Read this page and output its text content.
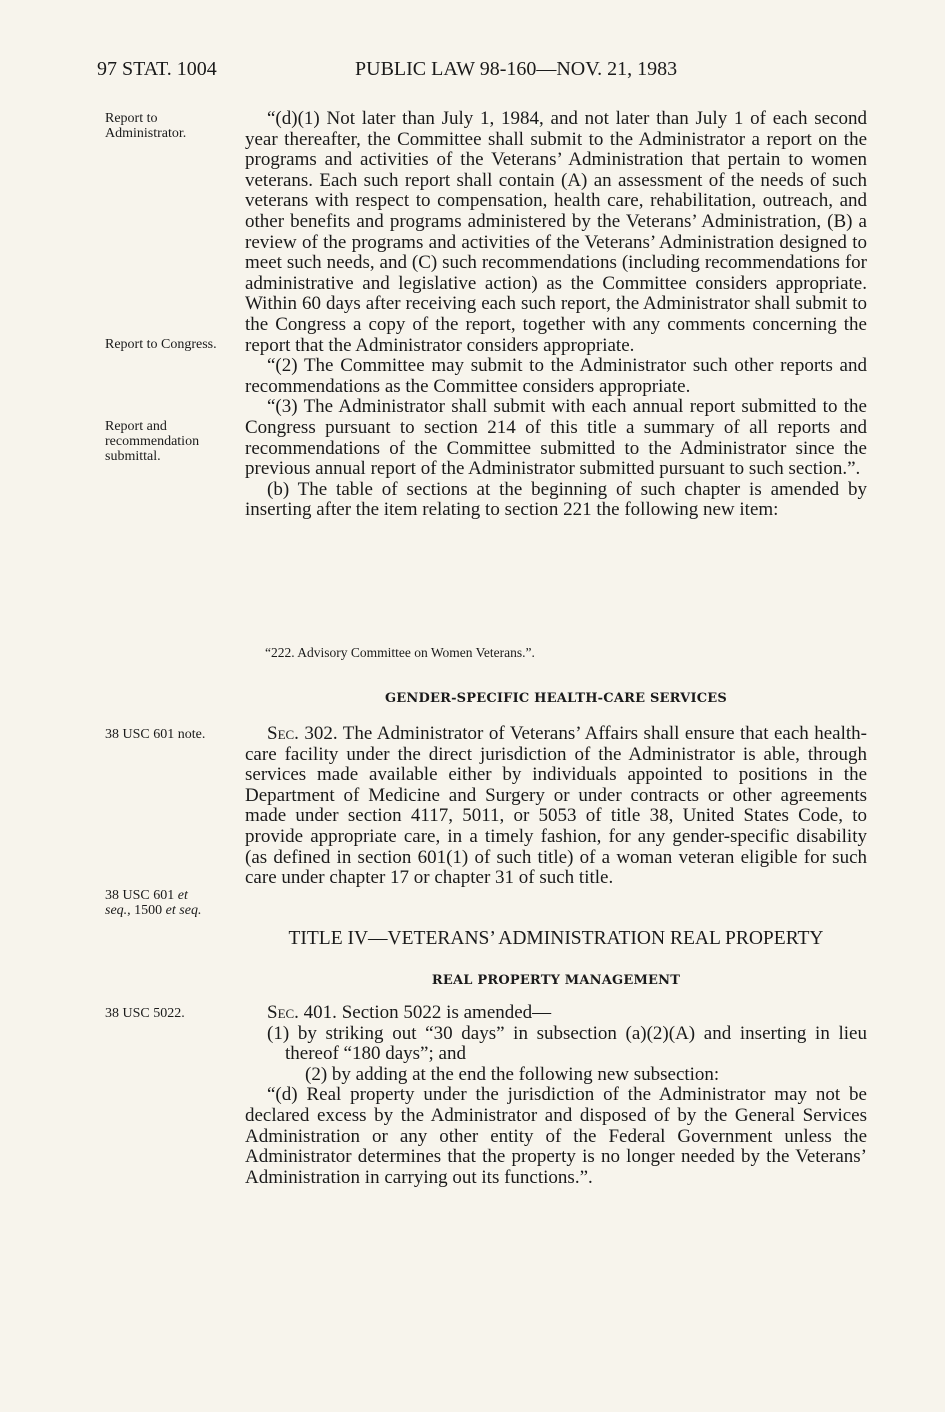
97 STAT. 1004	PUBLIC LAW 98-160—NOV. 21, 1983
Report to Administrator.
Report to Congress.
Report and recommendation submittal.
38 USC 601 note.
38 USC 601 et
seq., 1500 et seq.
38 USC 5022.

“(d)(1) Not later than July 1, 1984, and not later than July 1 of each second year thereafter, the Committee shall submit to the Administrator a report on the programs and activities of the Veterans’ Administration that pertain to women veterans. Each such report shall contain (A) an assessment of the needs of such veterans with respect to compensation, health care, rehabilitation, outreach, and other benefits and programs administered by the Veterans’ Administration, (B) a review of the programs and activities of the Veterans’ Administration designed to meet such needs, and (C) such recommendations (including recommendations for administrative and legislative action) as the Committee considers appropriate. Within 60 days after receiving each such report, the Administrator shall submit to the Congress a copy of the report, together with any comments concerning the report that the Administrator considers appropriate.

“(2) The Committee may submit to the Administrator such other reports and recommendations as the Committee considers appropriate.

“(3) The Administrator shall submit with each annual report submitted to the Congress pursuant to section 214 of this title a summary of all reports and recommendations of the Committee submitted to the Administrator since the previous annual report of the Administrator submitted pursuant to such section.”.

(b) The table of sections at the beginning of such chapter is amended by inserting after the item relating to section 221 the following new item:

“222. Advisory Committee on Women Veterans.”.
GENDER-SPECIFIC HEALTH-CARE SERVICES

Sec. 302. The Administrator of Veterans’ Affairs shall ensure that each health-care facility under the direct jurisdiction of the Administrator is able, through services made available either by individuals appointed to positions in the Department of Medicine and Surgery or under contracts or other agreements made under section 4117, 5011, or 5053 of title 38, United States Code, to provide appropriate care, in a timely fashion, for any gender-specific disability (as defined in section 601(1) of such title) of a woman veteran eligible for such care under chapter 17 or chapter 31 of such title.

TITLE IV—VETERANS’ ADMINISTRATION REAL PROPERTY
REAL PROPERTY MANAGEMENT

Sec. 401. Section 5022 is amended—

(1) by striking out “30 days” in subsection (a)(2)(A) and inserting in lieu thereof “180 days”; and

(2) by adding at the end the following new subsection:

“(d) Real property under the jurisdiction of the Administrator may not be declared excess by the Administrator and disposed of by the General Services Administration or any other entity of the Federal Government unless the Administrator determines that the property is no longer needed by the Veterans’ Administration in carrying out its functions.”.
